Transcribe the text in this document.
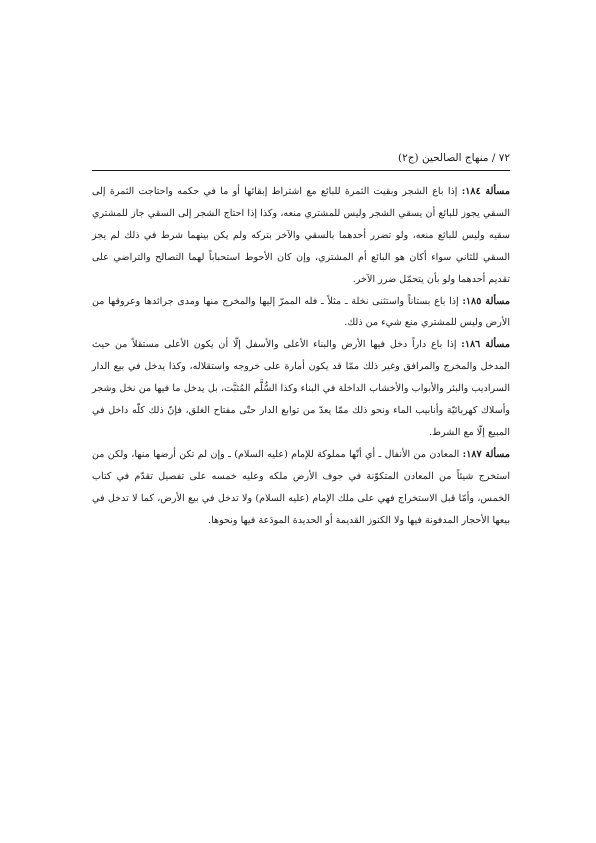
٧٢ / منهاج الصالحين (ج٢)

مسألة ١٨٤: إذا باع الشجر وبقيت الثمرة للبائع مع اشتراط إبقائها أو ما في حكمه واحتاجت الثمرة إلى السقي يجوز للبائع أن يسقي الشجر وليس للمشتري منعه، وكذا إذا احتاج الشجر إلى السقي جاز للمشتري سقيه وليس للبائع منعه، ولو تضرر أحدهما بالسقي والآخر بتركه ولم يكن بينهما شرط في ذلك لم يجز السقي للثاني سواء أكان هو البائع أم المشتري، وإن كان الأحوط استحباباً لهما التصالح والتراضي على تقديم أحدهما ولو بأن يتحمّل ضرر الآخر.

مسألة ١٨٥: إذا باع بستاناً واستثنى نخلة ـ مثلاً ـ فله الممرّ إليها والمخرج منها ومدى جرائدها وعروقها من الأرض وليس للمشتري منع شيء من ذلك.

مسألة ١٨٦: إذا باع داراً دخل فيها الأرض والبناء الأعلى والأسفل إلّا أن يكون الأعلى مستقلاً من حيث المدخل والمخرج والمرافق وغير ذلك ممّا قد يكون أمارة على خروجه واستقلاله، وكذا يدخل في بيع الدار السراديب والبئر والأبواب والأخشاب الداخلة في البناء وكذا السُّلَّم المُثبَّت، بل يدخل ما فيها من نخل وشجر وأسلاك كهربائيّة وأنابيب الماء ونحو ذلك ممّا يعدّ من توابع الدار حتّى مفتاح الغلق، فإنّ ذلك كلّه داخل في المبيع إلّا مع الشرط.

مسألة ١٨٧: المعادن من الأنفال ـ أي أنّها مملوكة للإمام (عليه السلام) ـ وإن لم تكن أرضها منها، ولكن من استخرج شيئاً من المعادن المتكوّنة في جوف الأرض ملكه وعليه خمسه على تفصيل تقدّم في كتاب الخمس، وأمّا قبل الاستخراج فهي على ملك الإمام (عليه السلام) ولا تدخل في بيع الأرض، كما لا تدخل في بيعها الأحجار المدفونة فيها ولا الكنوز القديمة أو الحديدة المودَعة فيها ونحوها.
